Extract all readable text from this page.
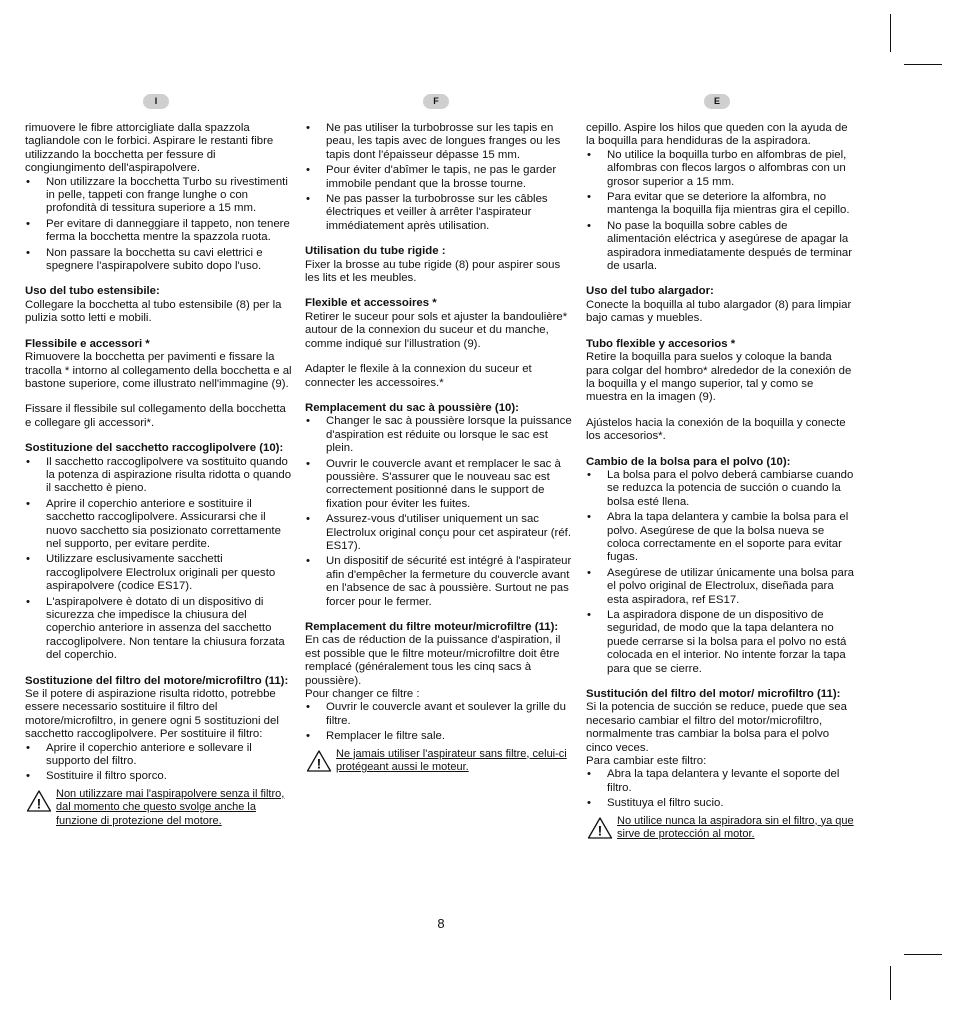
I

rimuovere le fibre attorcigliate dalla spazzola tagliandole con le forbici. Aspirare le restanti fibre utilizzando la bocchetta per fessure di congiungimento dell'aspirapolvere.

• Non utilizzare la bocchetta Turbo su rivestimenti in pelle, tappeti con frange lunghe o con profondità di tessitura superiore a 15 mm.
• Per evitare di danneggiare il tappeto, non tenere ferma la bocchetta mentre la spazzola ruota.
• Non passare la bocchetta su cavi elettrici e spegnere l'aspirapolvere subito dopo l'uso.
Uso del tubo estensibile:

Collegare la bocchetta al tubo estensibile (8) per la pulizia sotto letti e mobili.

Flessibile e accessori *

Rimuovere la bocchetta per pavimenti e fissare la tracolla * intorno al collegamento della bocchetta e al bastone superiore, come illustrato nell'immagine (9).

Fissare il flessibile sul collegamento della bocchetta e collegare gli accessori*.

Sostituzione del sacchetto raccoglipolvere (10):
• Il sacchetto raccoglipolvere va sostituito quando la potenza di aspirazione risulta ridotta o quando il sacchetto è pieno.
• Aprire il coperchio anteriore e sostituire il sacchetto raccoglipolvere. Assicurarsi che il nuovo sacchetto sia posizionato correttamente nel supporto, per evitare perdite.
• Utilizzare esclusivamente sacchetti raccoglipolvere Electrolux originali per questo aspirapolvere (codice ES17).
• L'aspirapolvere è dotato di un dispositivo di sicurezza che impedisce la chiusura del coperchio anteriore in assenza del sacchetto raccoglipolvere. Non tentare la chiusura forzata del coperchio.
Sostituzione del filtro del motore/microfiltro (11):

Se il potere di aspirazione risulta ridotto, potrebbe essere necessario sostituire il filtro del motore/microfiltro, in genere ogni 5 sostituzioni del sacchetto raccoglipolvere. Per sostituire il filtro:

• Aprire il coperchio anteriore e sollevare il supporto del filtro.
• Sostituire il filtro sporco.
!

Non utilizzare mai l'aspirapolvere senza il filtro, dal momento che questo svolge anche la funzione di protezione del motore.

F
• Ne pas utiliser la turbobrosse sur les tapis en peau, les tapis avec de longues franges ou les tapis dont l'épaisseur dépasse 15 mm.
• Pour éviter d'abîmer le tapis, ne pas le garder immobile pendant que la brosse tourne.
• Ne pas passer la turbobrosse sur les câbles électriques et veiller à arrêter l'aspirateur immédiatement après utilisation.
Utilisation du tube rigide :

Fixer la brosse au tube rigide (8) pour aspirer sous les lits et les meubles.

Flexible et accessoires *

Retirer le suceur pour sols et ajuster la bandoulière* autour de la connexion du suceur et du manche, comme indiqué sur l'illustration (9).

Adapter le flexile à la connexion du suceur et connecter les accessoires.*

Remplacement du sac à poussière (10):
• Changer le sac à poussière lorsque la puissance d'aspiration est réduite ou lorsque le sac est plein.
• Ouvrir le couvercle avant et remplacer le sac à poussière. S'assurer que le nouveau sac est correctement positionné dans le support de fixation pour éviter les fuites.
• Assurez-vous d'utiliser uniquement un sac Electrolux original conçu pour cet aspirateur (réf. ES17).
• Un dispositif de sécurité est intégré à l'aspirateur afin d'empêcher la fermeture du couvercle avant en l'absence de sac à poussière. Surtout ne pas forcer pour le fermer.
Remplacement du filtre moteur/microfiltre (11):

En cas de réduction de la puissance d'aspiration, il est possible que le filtre moteur/microfiltre doit être remplacé (généralement tous les cinq sacs à poussière).

Pour changer ce filtre :

• Ouvrir le couvercle avant et soulever la grille du filtre.
• Remplacer le filtre sale.
!

Ne jamais utiliser l'aspirateur sans filtre, celui-ci protégeant aussi le moteur.

E

cepillo. Aspire los hilos que queden con la ayuda de la boquilla para hendiduras de la aspiradora.

• No utilice la boquilla turbo en alfombras de piel, alfombras con flecos largos o alfombras con un grosor superior a 15 mm.
• Para evitar que se deteriore la alfombra, no mantenga la boquilla fija mientras gira el cepillo.
• No pase la boquilla sobre cables de alimentación eléctrica y asegúrese de apagar la aspiradora inmediatamente después de terminar de usarla.
Uso del tubo alargador:

Conecte la boquilla al tubo alargador (8) para limpiar bajo camas y muebles.

Tubo flexible y accesorios *

Retire la boquilla para suelos y coloque la banda para colgar del hombro* alrededor de la conexión de la boquilla y el mango superior, tal y como se muestra en la imagen (9).

Ajústelos hacia la conexión de la boquilla y conecte los accesorios*.

Cambio de la bolsa para el polvo (10):
• La bolsa para el polvo deberá cambiarse cuando se reduzca la potencia de succión o cuando la bolsa esté llena.
• Abra la tapa delantera y cambie la bolsa para el polvo. Asegúrese de que la bolsa nueva se coloca correctamente en el soporte para evitar fugas.
• Asegúrese de utilizar únicamente una bolsa para el polvo original de Electrolux, diseñada para esta aspiradora, ref ES17.
• La aspiradora dispone de un dispositivo de seguridad, de modo que la tapa delantera no puede cerrarse si la bolsa para el polvo no está colocada en el interior. No intente forzar la tapa para que se cierre.
Sustitución del filtro del motor/ microfiltro (11):

Si la potencia de succión se reduce, puede que sea necesario cambiar el filtro del motor/microfiltro, normalmente tras cambiar la bolsa para el polvo cinco veces.

Para cambiar este filtro:

• Abra la tapa delantera y levante el soporte del filtro.
• Sustituya el filtro sucio.
!

No utilice nunca la aspiradora sin el filtro, ya que sirve de protección al motor.

8
